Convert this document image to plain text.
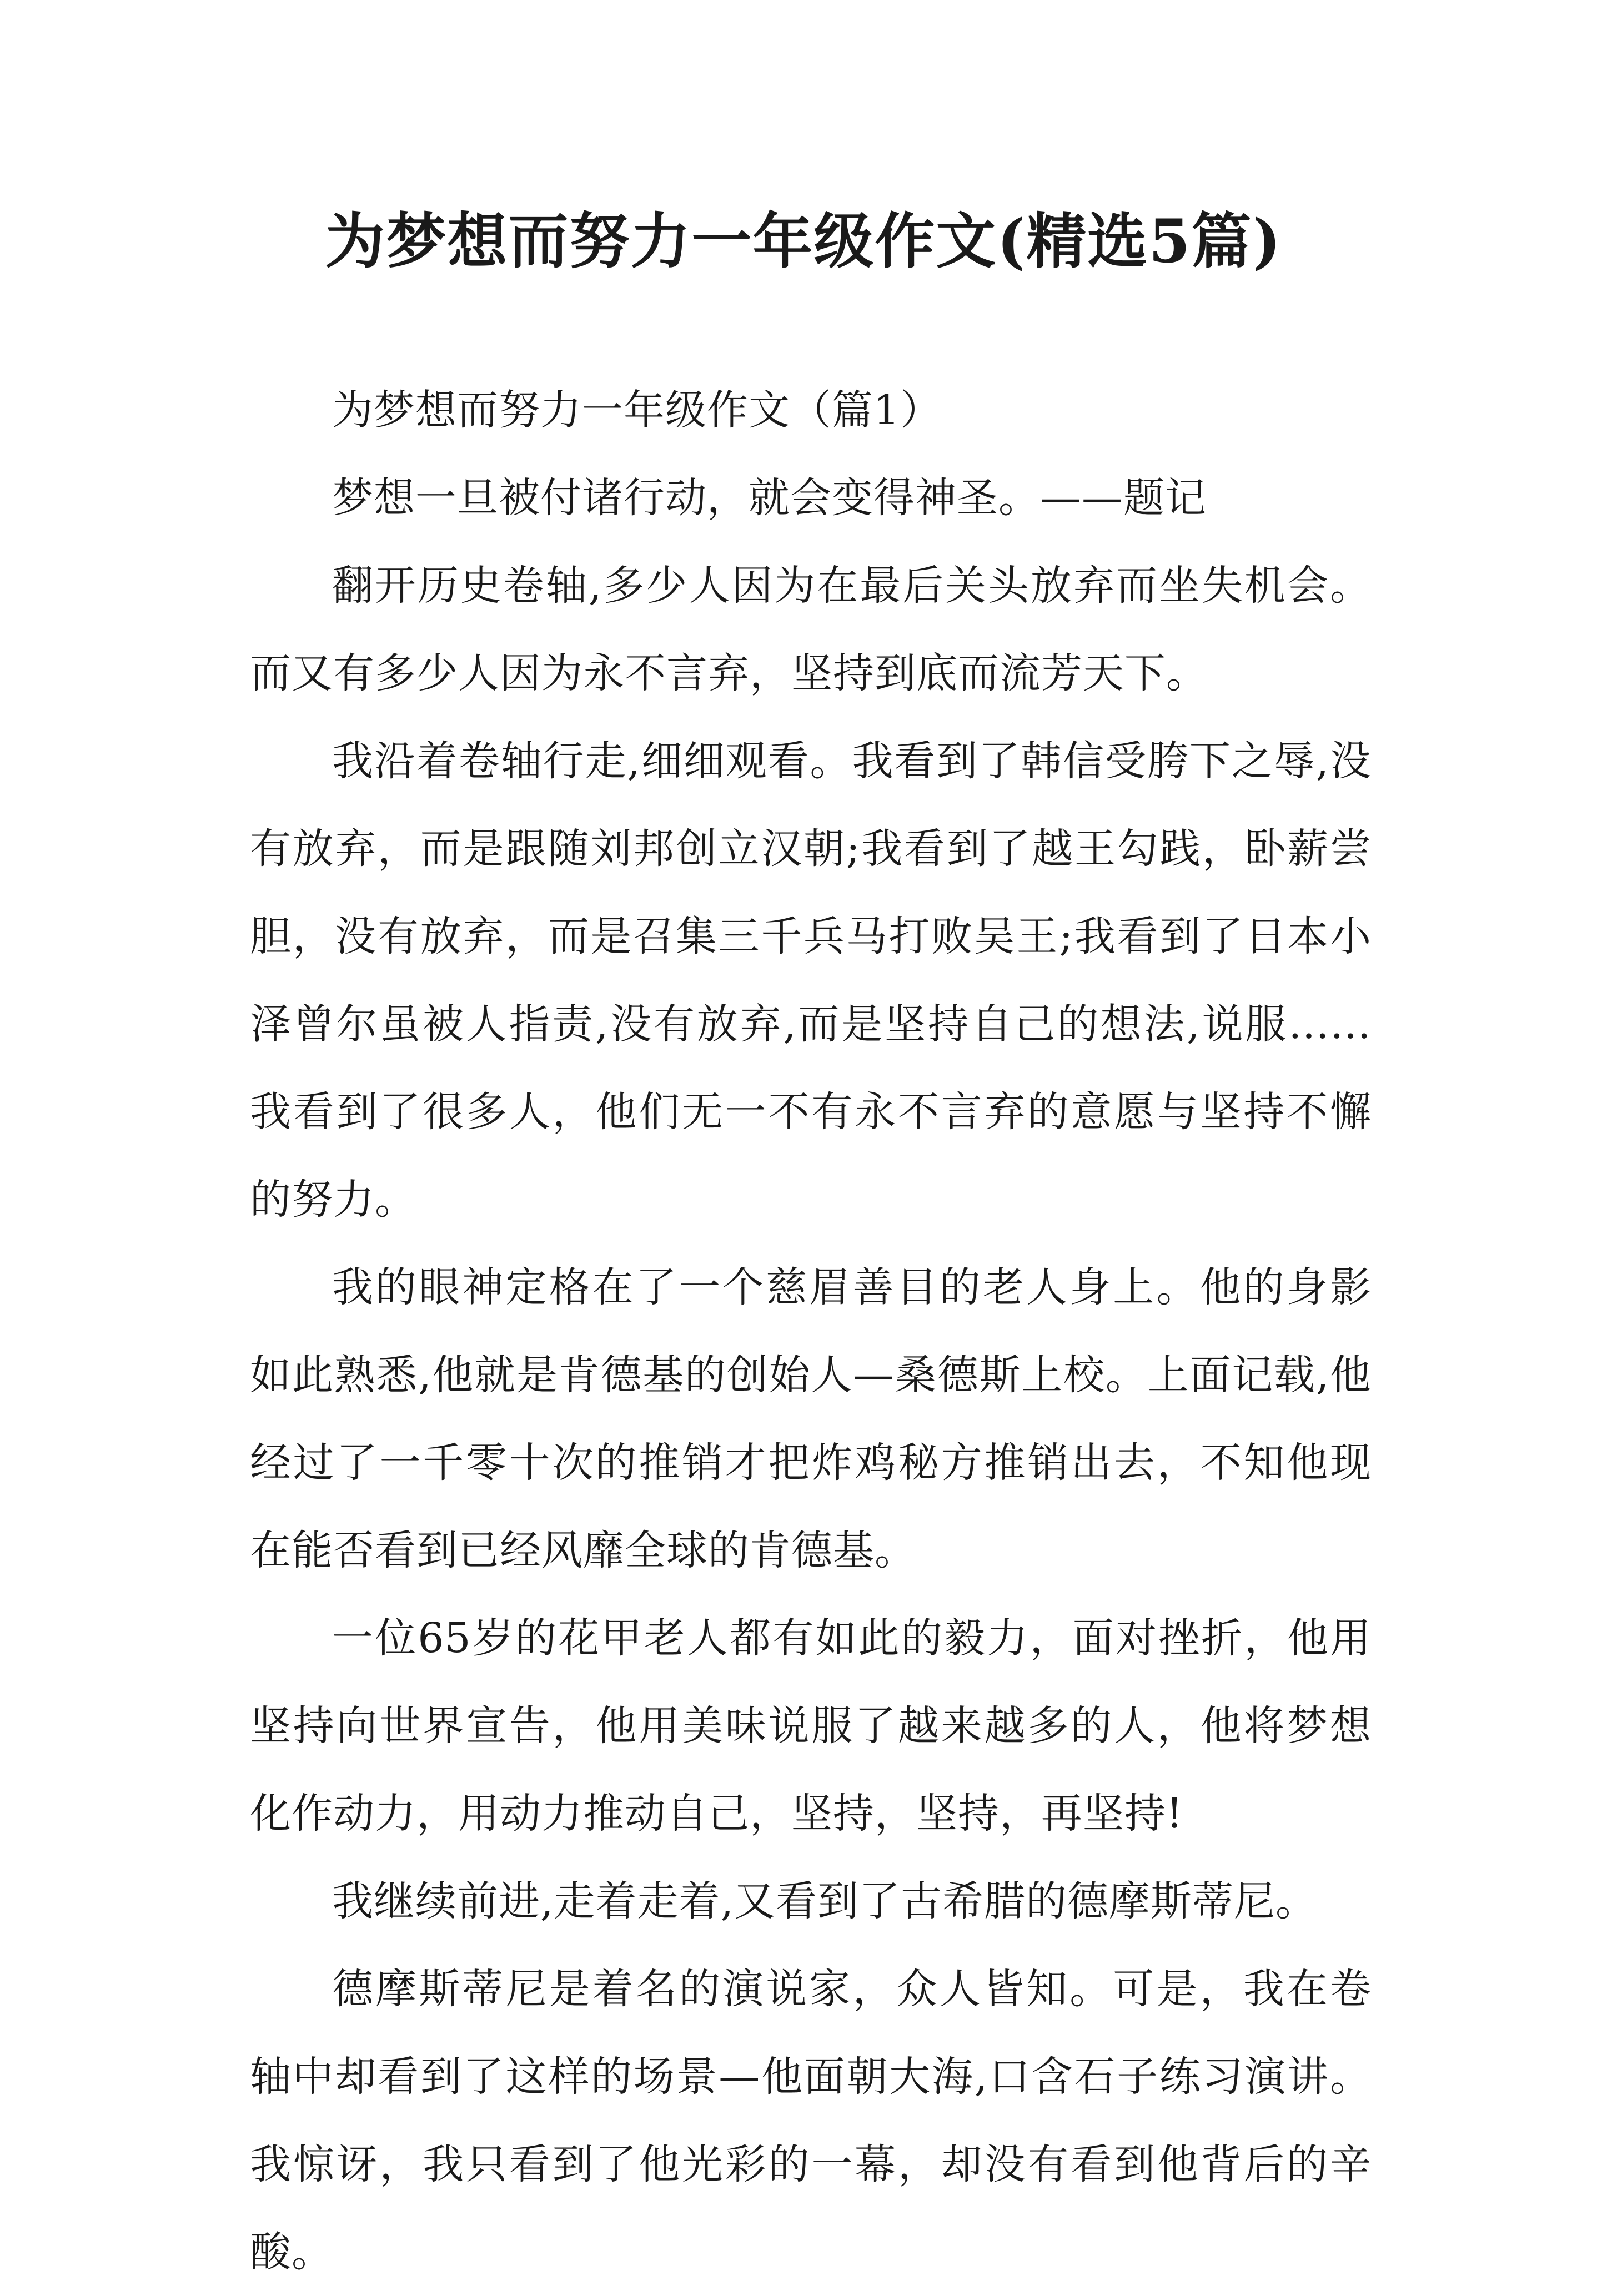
为梦想而努力一年级作文(精选5篇)

为梦想而努力一年级作文（篇1）

梦想一旦被付诸行动，就会变得神圣。——题记

翻开历史卷轴,多少人因为在最后关头放弃而坐失机会。而又有多少人因为永不言弃，坚持到底而流芳天下。

我沿着卷轴行走,细细观看。我看到了韩信受胯下之辱,没有放弃，而是跟随刘邦创立汉朝;我看到了越王勾践，卧薪尝胆，没有放弃，而是召集三千兵马打败吴王;我看到了日本小泽曾尔虽被人指责,没有放弃,而是坚持自己的想法,说服……我看到了很多人，他们无一不有永不言弃的意愿与坚持不懈的努力。

我的眼神定格在了一个慈眉善目的老人身上。他的身影如此熟悉,他就是肯德基的创始人—桑德斯上校。上面记载,他经过了一千零十次的推销才把炸鸡秘方推销出去，不知他现在能否看到已经风靡全球的肯德基。

一位65岁的花甲老人都有如此的毅力，面对挫折，他用坚持向世界宣告，他用美味说服了越来越多的人，他将梦想化作动力，用动力推动自己，坚持，坚持，再坚持!

我继续前进,走着走着,又看到了古希腊的德摩斯蒂尼。

德摩斯蒂尼是着名的演说家，众人皆知。可是，我在卷轴中却看到了这样的场景—他面朝大海,口含石子练习演讲。我惊讶，我只看到了他光彩的一幕，却没有看到他背后的辛酸。
